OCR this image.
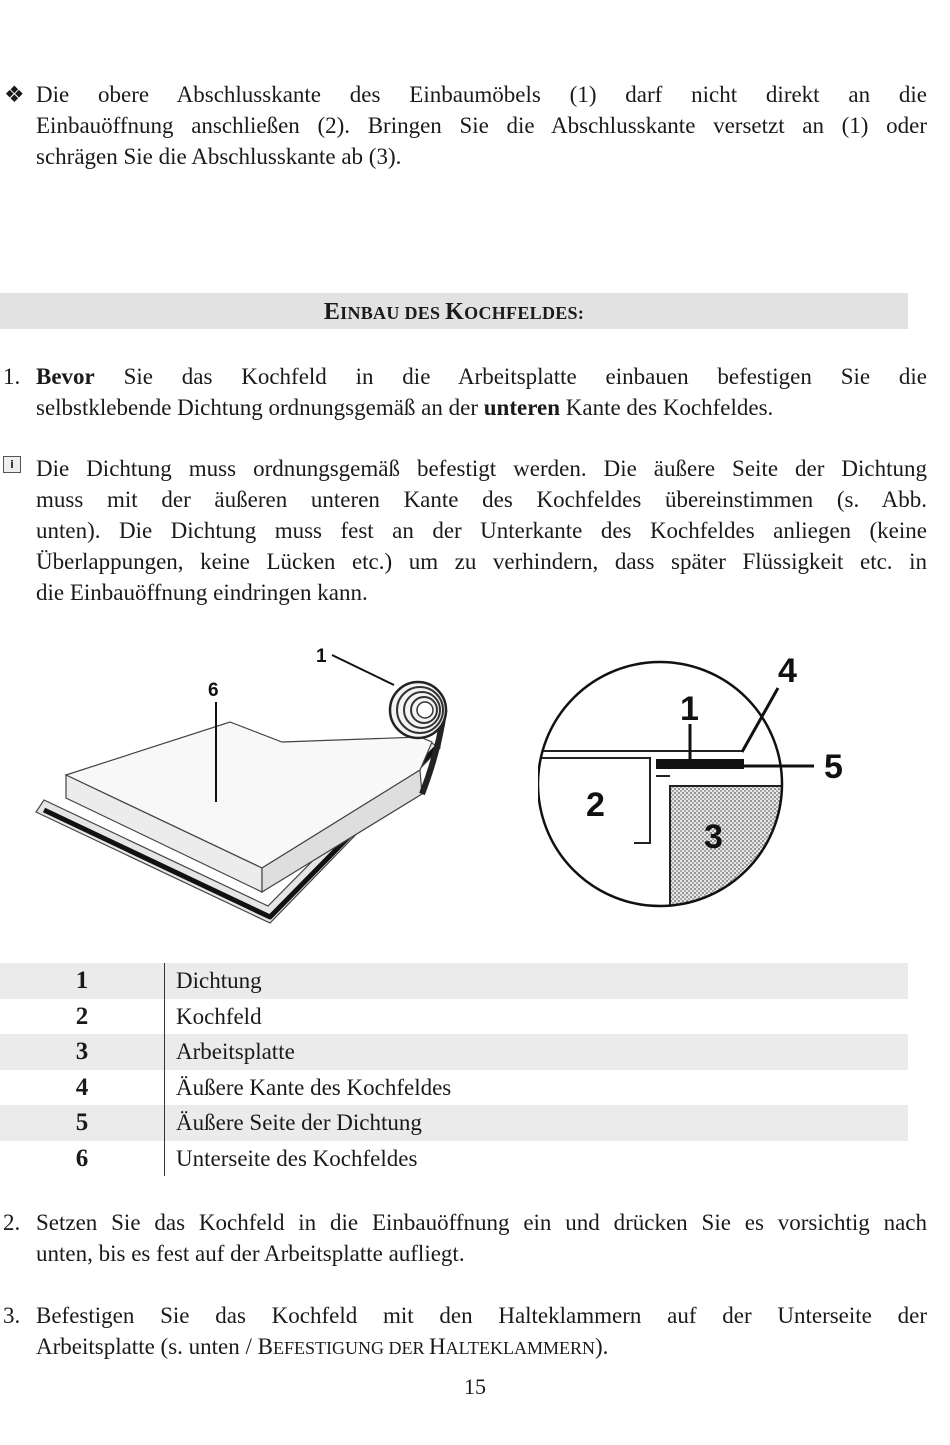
❖ Die obere Abschlusskante des Einbaumöbels (1) darf nicht direkt an die
Einbauöffnung anschließen (2). Bringen Sie die Abschlusskante versetzt an (1) oder
schrägen Sie die Abschlusskante ab (3).
EINBAU DES KOCHFELDES:
1. Bevor Sie das Kochfeld in die Arbeitsplatte einbauen befestigen Sie die
selbstklebende Dichtung ordnungsgemäß an der unteren Kante des Kochfeldes.
i Die Dichtung muss ordnungsgemäß befestigt werden. Die äußere Seite der Dichtung
muss mit der äußeren unteren Kante des Kochfeldes übereinstimmen (s. Abb.
unten). Die Dichtung muss fest an der Unterkante des Kochfeldes anliegen (keine
Überlappungen, keine Lücken etc.) um zu verhindern, dass später Flüssigkeit etc. in
die Einbauöffnung eindringen kann.
1
6	1
2
3
4
5
1	Dichtung
2	Kochfeld
3	Arbeitsplatte
4	Äußere Kante des Kochfeldes
5	Äußere Seite der Dichtung
6	Unterseite des Kochfeldes
2. Setzen Sie das Kochfeld in die Einbauöffnung ein und drücken Sie es vorsichtig nach
unten, bis es fest auf der Arbeitsplatte aufliegt.
3. Befestigen Sie das Kochfeld mit den Halteklammern auf der Unterseite der
Arbeitsplatte (s. unten / BEFESTIGUNG DER HALTEKLAMMERN).
15
